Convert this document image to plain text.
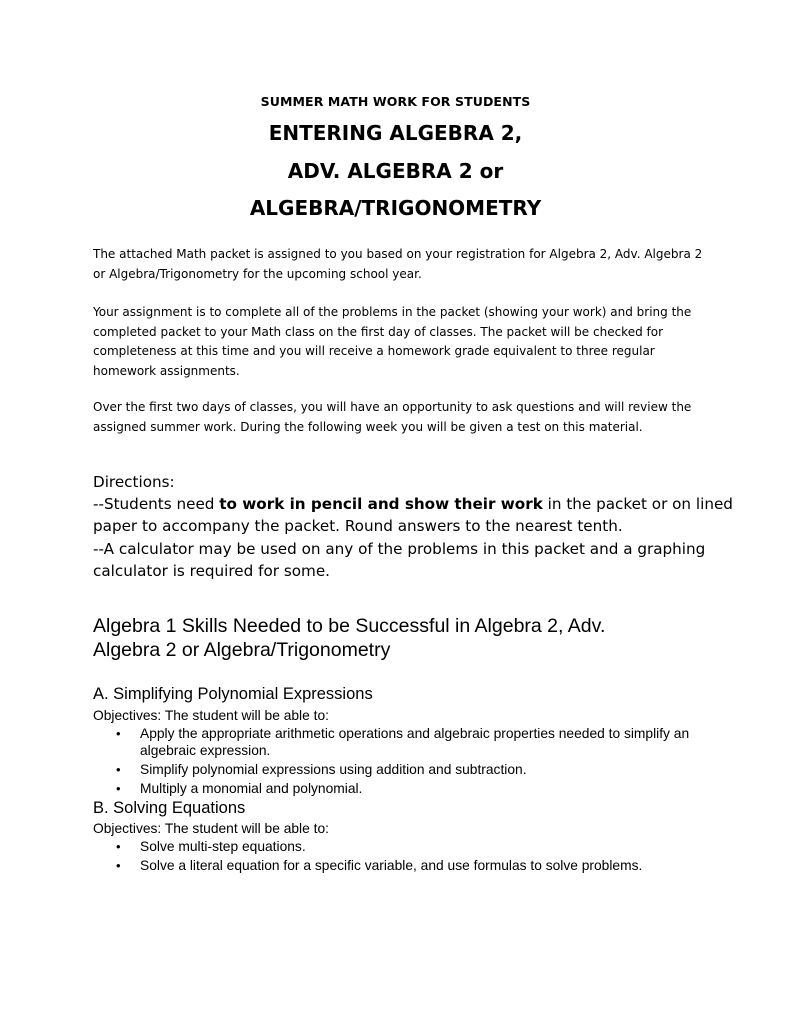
SUMMER MATH WORK FOR STUDENTS
ENTERING ALGEBRA 2,
ADV. ALGEBRA 2 or
ALGEBRA/TRIGONOMETRY
The attached Math packet is assigned to you based on your registration for Algebra 2, Adv. Algebra 2 or Algebra/Trigonometry for the upcoming school year.
Your assignment is to complete all of the problems in the packet (showing your work) and bring the completed packet to your Math class on the first day of classes. The packet will be checked for completeness at this time and you will receive a homework grade equivalent to three regular homework assignments.
Over the first two days of classes, you will have an opportunity to ask questions and will review the assigned summer work. During the following week you will be given a test on this material.
Directions:
--Students need to work in pencil and show their work in the packet or on lined
paper to accompany the packet. Round answers to the nearest tenth.
--A calculator may be used on any of the problems in this packet and a graphing
calculator is required for some.
Algebra 1 Skills Needed to be Successful in Algebra 2, Adv.
Algebra 2 or Algebra/Trigonometry
A. Simplifying Polynomial Expressions
Objectives: The student will be able to:
• Apply the appropriate arithmetic operations and algebraic properties needed to simplify an algebraic expression.
• Simplify polynomial expressions using addition and subtraction.
• Multiply a monomial and polynomial.
B. Solving Equations
Objectives: The student will be able to:
• Solve multi-step equations.
• Solve a literal equation for a specific variable, and use formulas to solve problems.
